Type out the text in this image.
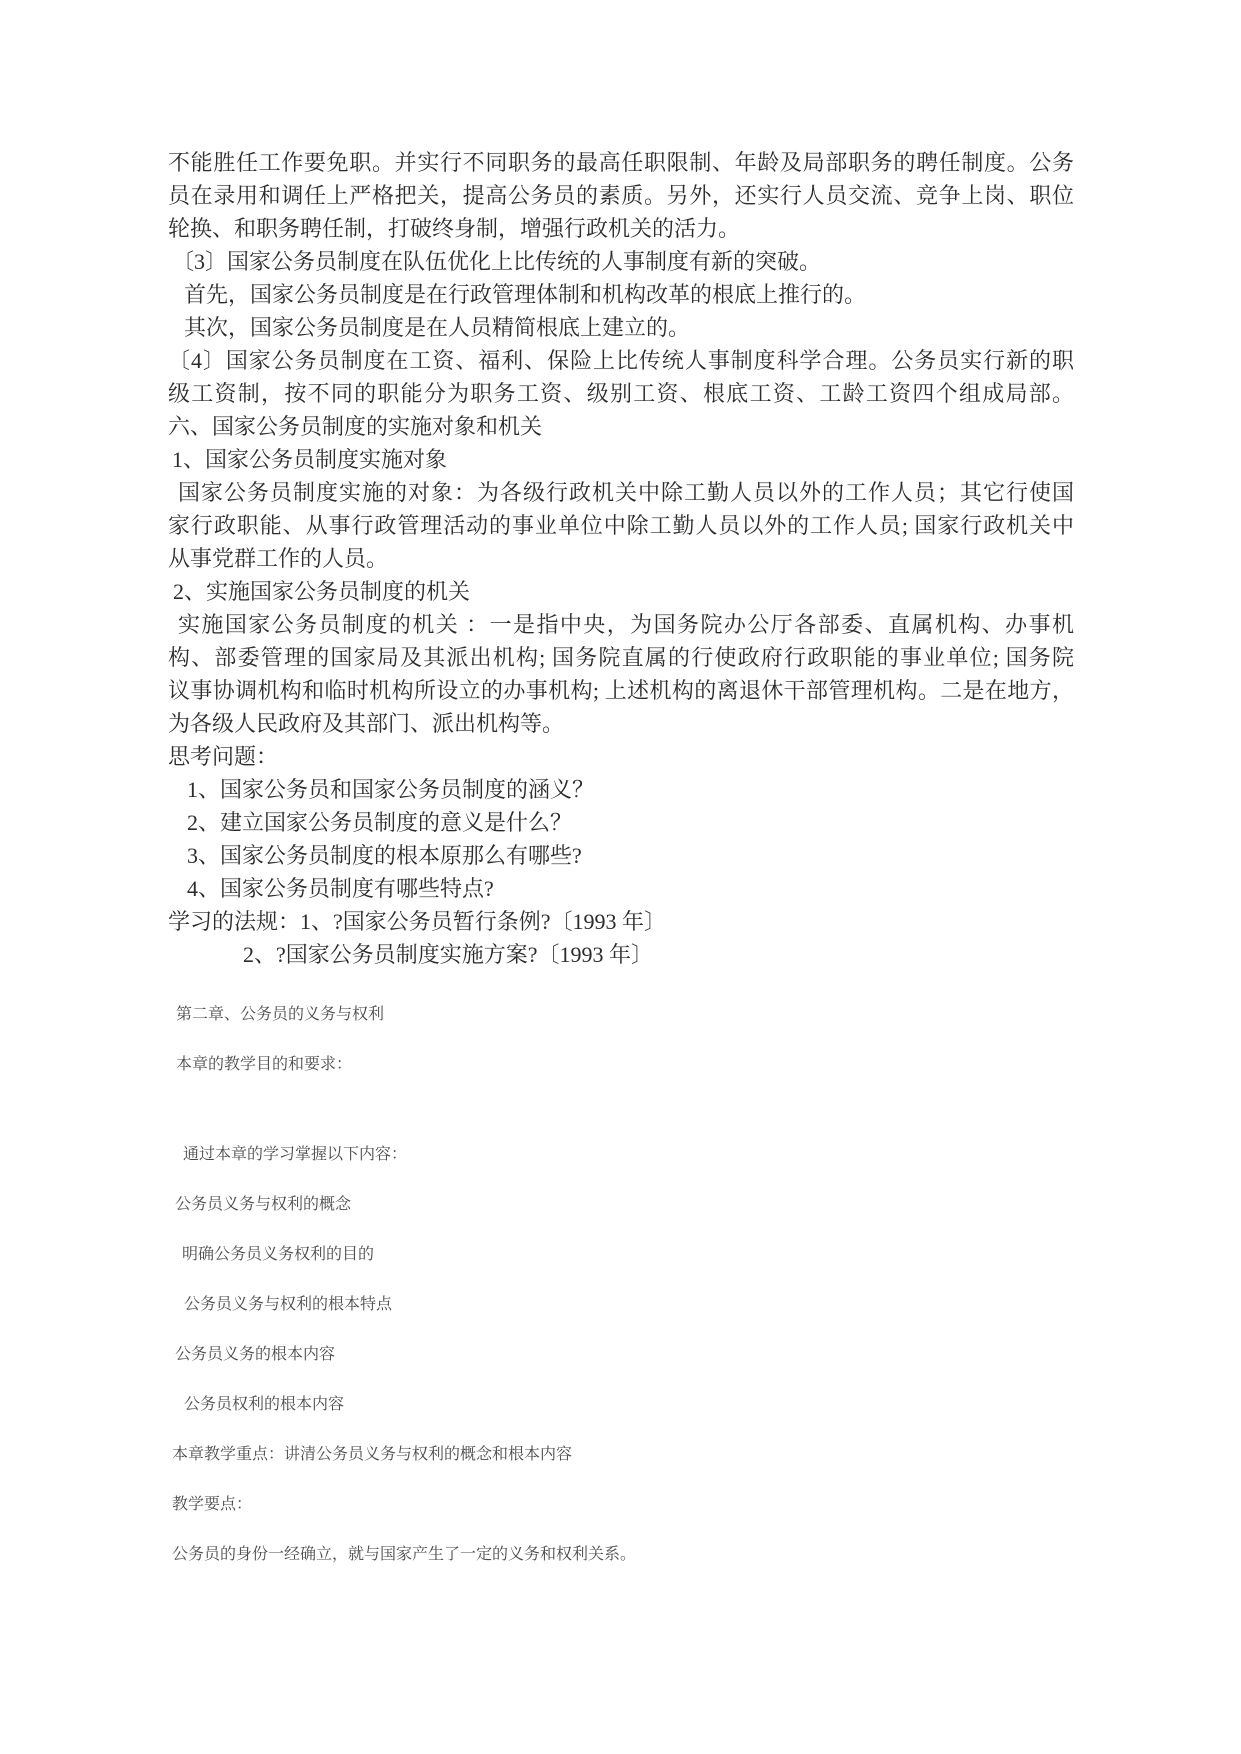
不能胜任工作要免职。并实行不同职务的最高任职限制、年龄及局部职务的聘任制度。公务
员在录用和调任上严格把关，提高公务员的素质。另外，还实行人员交流、竞争上岗、职位
轮换、和职务聘任制，打破终身制，增强行政机关的活力。
〔3〕国家公务员制度在队伍优化上比传统的人事制度有新的突破。
首先，国家公务员制度是在行政管理体制和机构改革的根底上推行的。
其次，国家公务员制度是在人员精简根底上建立的。
〔4〕国家公务员制度在工资、福利、保险上比传统人事制度科学合理。公务员实行新的职
级工资制，按不同的职能分为职务工资、级别工资、根底工资、工龄工资四个组成局部。
六、国家公务员制度的实施对象和机关
1、国家公务员制度实施对象
国家公务员制度实施的对象：为各级行政机关中除工勤人员以外的工作人员；其它行使国
家行政职能、从事行政管理活动的事业单位中除工勤人员以外的工作人员; 国家行政机关中
从事党群工作的人员。
2、实施国家公务员制度的机关
实施国家公务员制度的机关 ：一是指中央，为国务院办公厅各部委、直属机构、办事机
构、部委管理的国家局及其派出机构; 国务院直属的行使政府行政职能的事业单位; 国务院
议事协调机构和临时机构所设立的办事机构; 上述机构的离退休干部管理机构。二是在地方，
为各级人民政府及其部门、派出机构等。
思考问题：
1、国家公务员和国家公务员制度的涵义？
2、建立国家公务员制度的意义是什么？
3、国家公务员制度的根本原那么有哪些?
4、国家公务员制度有哪些特点?
学习的法规：1、?国家公务员暂行条例?〔1993 年〕
2、?国家公务员制度实施方案?〔1993 年〕
第二章、公务员的义务与权利
本章的教学目的和要求：
通过本章的学习掌握以下内容：
公务员义务与权利的概念
明确公务员义务权利的目的
公务员义务与权利的根本特点
公务员义务的根本内容
公务员权利的根本内容
本章教学重点：讲清公务员义务与权利的概念和根本内容
教学要点：
公务员的身份一经确立，就与国家产生了一定的义务和权利关系。
